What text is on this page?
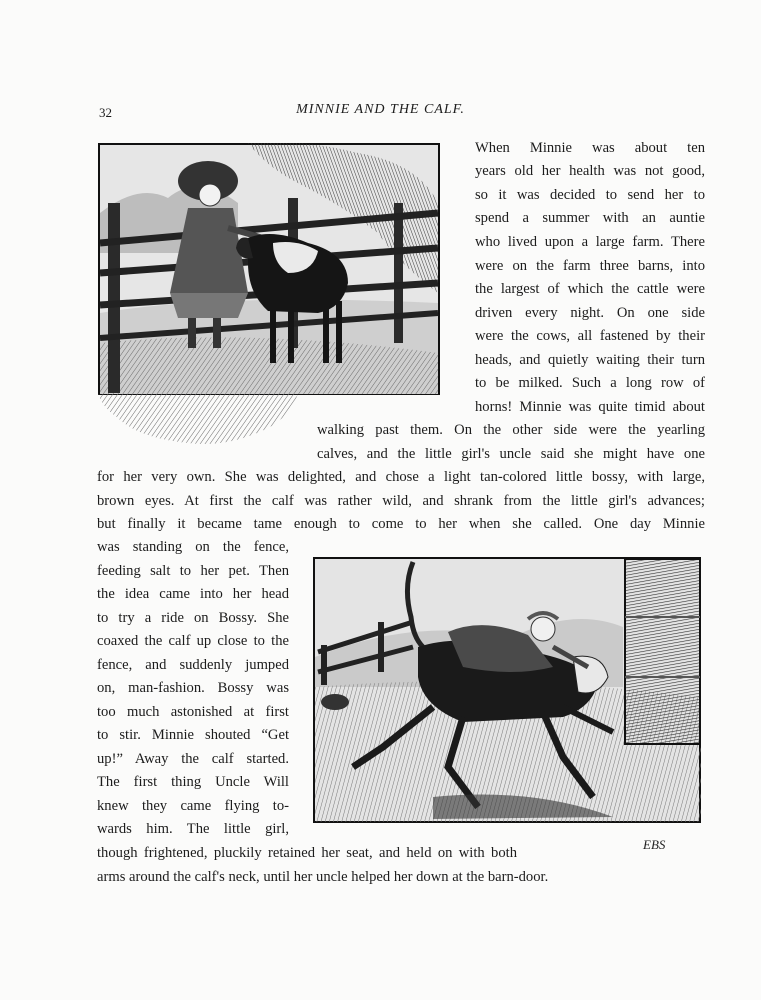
32	MINNIE AND THE CALF.
EBS
When Minnie was about ten
years old her health was not good,
so it was decided to send her to
spend a summer with an auntie
who lived upon a large farm. There
were on the farm three barns, into
the largest of which the cattle were
driven every night. On one side
were the cows, all fastened by their
heads, and quietly waiting their turn
to be milked. Such a long row of
horns! Minnie was quite timid about
walking past them. On the other side were the yearling
calves, and the little girl's uncle said she might have one
for her very own. She was delighted, and chose a light tan-colored little bossy, with large,
brown eyes. At first the calf was rather wild, and shrank from the little girl's advances;
but finally it became tame enough to come to her when she called. One day Minnie
was standing on the fence,
feeding salt to her pet. Then
the idea came into her head
to try a ride on Bossy. She
coaxed the calf up close to the
fence, and suddenly jumped
on, man-fashion. Bossy was
too much astonished at first
to stir. Minnie shouted “Get
up!” Away the calf started.
The first thing Uncle Will
knew they came flying to-
wards him. The little girl,
though frightened, pluckily retained her seat, and held on with both
arms around the calf's neck, until her uncle helped her down at the barn-door.
